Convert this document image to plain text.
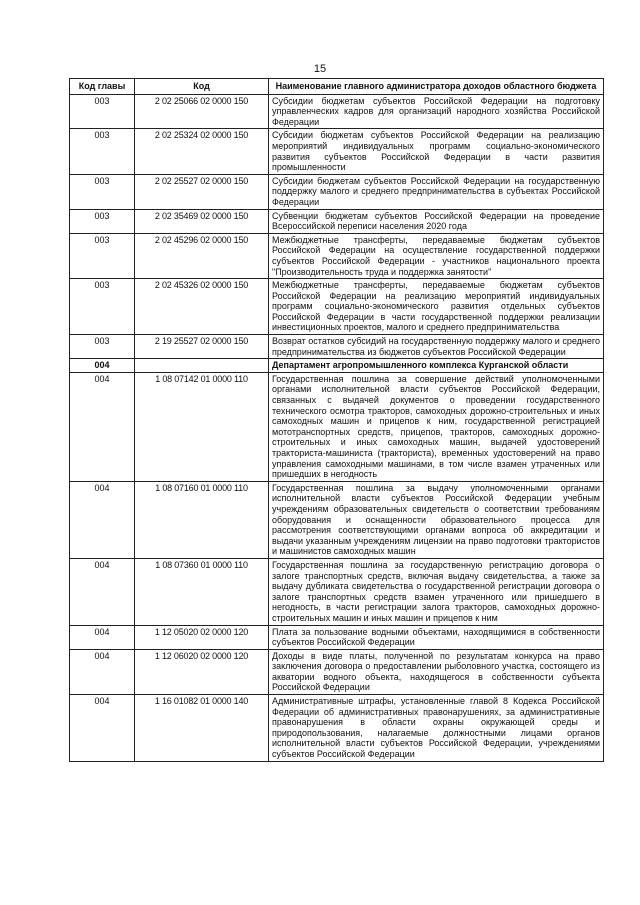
15
Код главы	Код	Наименование главного администратора доходов областного бюджета
003	2 02 25066 02 0000 150	Субсидии бюджетам субъектов Российской Федерации на подготовку управленческих кадров для организаций народного хозяйства Российской Федерации
003	2 02 25324 02 0000 150	Субсидии бюджетам субъектов Российской Федерации на реализацию мероприятий индивидуальных программ социально-экономического развития субъектов Российской Федерации в части развития промышленности
003	2 02 25527 02 0000 150	Субсидии бюджетам субъектов Российской Федерации на государственную поддержку малого и среднего предпринимательства в субъектах Российской Федерации
003	2 02 35469 02 0000 150	Субвенции бюджетам субъектов Российской Федерации на проведение Всероссийской переписи населения 2020 года
003	2 02 45296 02 0000 150	Межбюджетные трансферты, передаваемые бюджетам субъектов Российской Федерации на осуществление государственной поддержки субъектов Российской Федерации - участников национального проекта "Производительность труда и поддержка занятости"
003	2 02 45326 02 0000 150	Межбюджетные трансферты, передаваемые бюджетам субъектов Российской Федерации на реализацию мероприятий индивидуальных программ социально-экономического развития отдельных субъектов Российской Федерации в части государственной поддержки реализации инвестиционных проектов, малого и среднего предпринимательства
003	2 19 25527 02 0000 150	Возврат остатков субсидий на государственную поддержку малого и среднего предпринимательства из бюджетов субъектов Российской Федерации
004		Департамент агропромышленного комплекса Курганской области
004	1 08 07142 01 0000 110	Государственная пошлина за совершение действий уполномоченными органами исполнительной власти субъектов Российской Федерации, связанных с выдачей документов о проведении государственного технического осмотра тракторов, самоходных дорожно-строительных и иных самоходных машин и прицепов к ним, государственной регистрацией мототранспортных средств, прицепов, тракторов, самоходных дорожно-строительных и иных самоходных машин, выдачей удостоверений тракториста-машиниста (тракториста), временных удостоверений на право управления самоходными машинами, в том числе взамен утраченных или пришедших в негодность
004	1 08 07160 01 0000 110	Государственная пошлина за выдачу уполномоченными органами исполнительной власти субъектов Российской Федерации учебным учреждениям образовательных свидетельств о соответствии требованиям оборудования и оснащенности образовательного процесса для рассмотрения соответствующими органами вопроса об аккредитации и выдачи указанным учреждениям лицензии на право подготовки трактористов и машинистов самоходных машин
004	1 08 07360 01 0000 110	Государственная пошлина за государственную регистрацию договора о залоге транспортных средств, включая выдачу свидетельства, а также за выдачу дубликата свидетельства о государственной регистрации договора о залоге транспортных средств взамен утраченного или пришедшего в негодность, в части регистрации залога тракторов, самоходных дорожно-строительных машин и иных машин и прицепов к ним
004	1 12 05020 02 0000 120	Плата за пользование водными объектами, находящимися в собственности субъектов Российской Федерации
004	1 12 06020 02 0000 120	Доходы в виде платы, полученной по результатам конкурса на право заключения договора о предоставлении рыболовного участка, состоящего из акватории водного объекта, находящегося в собственности субъекта Российской Федерации
004	1 16 01082 01 0000 140	Административные штрафы, установленные главой 8 Кодекса Российской Федерации об административных правонарушениях, за административные правонарушения в области охраны окружающей среды и природопользования, налагаемые должностными лицами органов исполнительной власти субъектов Российской Федерации, учреждениями субъектов Российской Федерации
